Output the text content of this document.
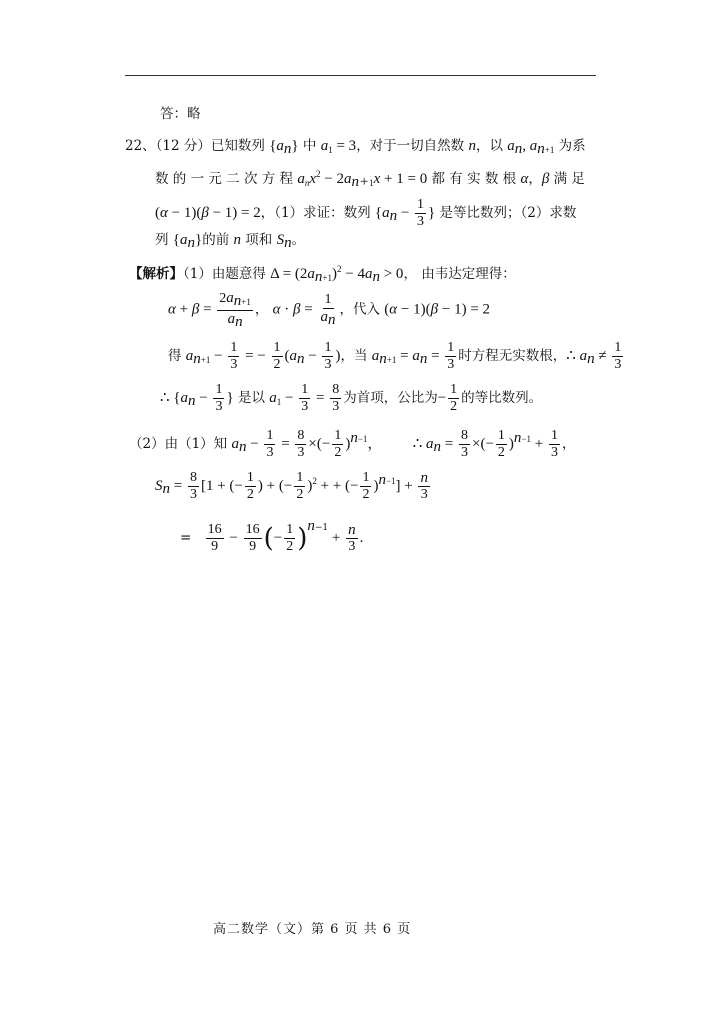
答：略
22、（12 分）已知数列 $\{a_n\}$ 中 $a_1 = 3$，对于一切自然数 n，以 $a_n$, $a_{n+1}$ 为系
数 的 一 元 二 次 方 程 $a_nx^2 - 2a_{n+1}x + 1 = 0$ 都 有 实 数 根 α，β 满 足
(α − 1)(β − 1) = 2，（1）求证：数列 {$a_n - \frac{1}{3}$ } 是等比数列；（2）求数
列 $\{a_n\}$的前 n 项和 $S_n$。
【解析】（1）由题意得 $\Delta = (2a_{n+1})^2 - 4a_n > 0$， 由韦达定理得：
$\alpha + \beta = \frac{2a_{n+1}}{a_n}$ ， $\alpha \cdot \beta = \frac{1}{a_n}$ ，代入 (α − 1)(β − 1) = 2
得 $a_{n+1} - \frac{1}{3}$ = − $\frac{1}{2} (a_n - \frac{1}{3}$ )，当 $a_{n+1} = a_n = \frac{1}{3}$ 时方程无实数根，∴ $a_n \ne \frac{1}{3}$
∴ {$a_n - \frac{1}{3}$ } 是以 $a_1 - \frac{1}{3} = \frac{8}{3}$ 为首项，公比为− $\frac{1}{2}$ 的等比数列。
（2）由（1）知 $a_n - \frac{1}{3} = \frac{8}{3}$ ×(− $\frac{1}{2} )^{n-1}$， ∴ $a_n = \frac{8}{3}$ ×(− $\frac{1}{2} )^{n-1} + \frac{1}{3}$ ，
$S_n = \frac{8}{3} [1$ + (− $\frac{1}{2}$ ) + (− $\frac{1}{2} )^2$ + + (− $\frac{1}{2} )^{n-1}] + \frac{n}{3}$
= $\frac{16}{9} - \frac{16}{9}$ (− $\frac{1}{2} )^{n-1} + \frac{n}{3}$ .
高二数学（文）第 6 页 共 6 页
